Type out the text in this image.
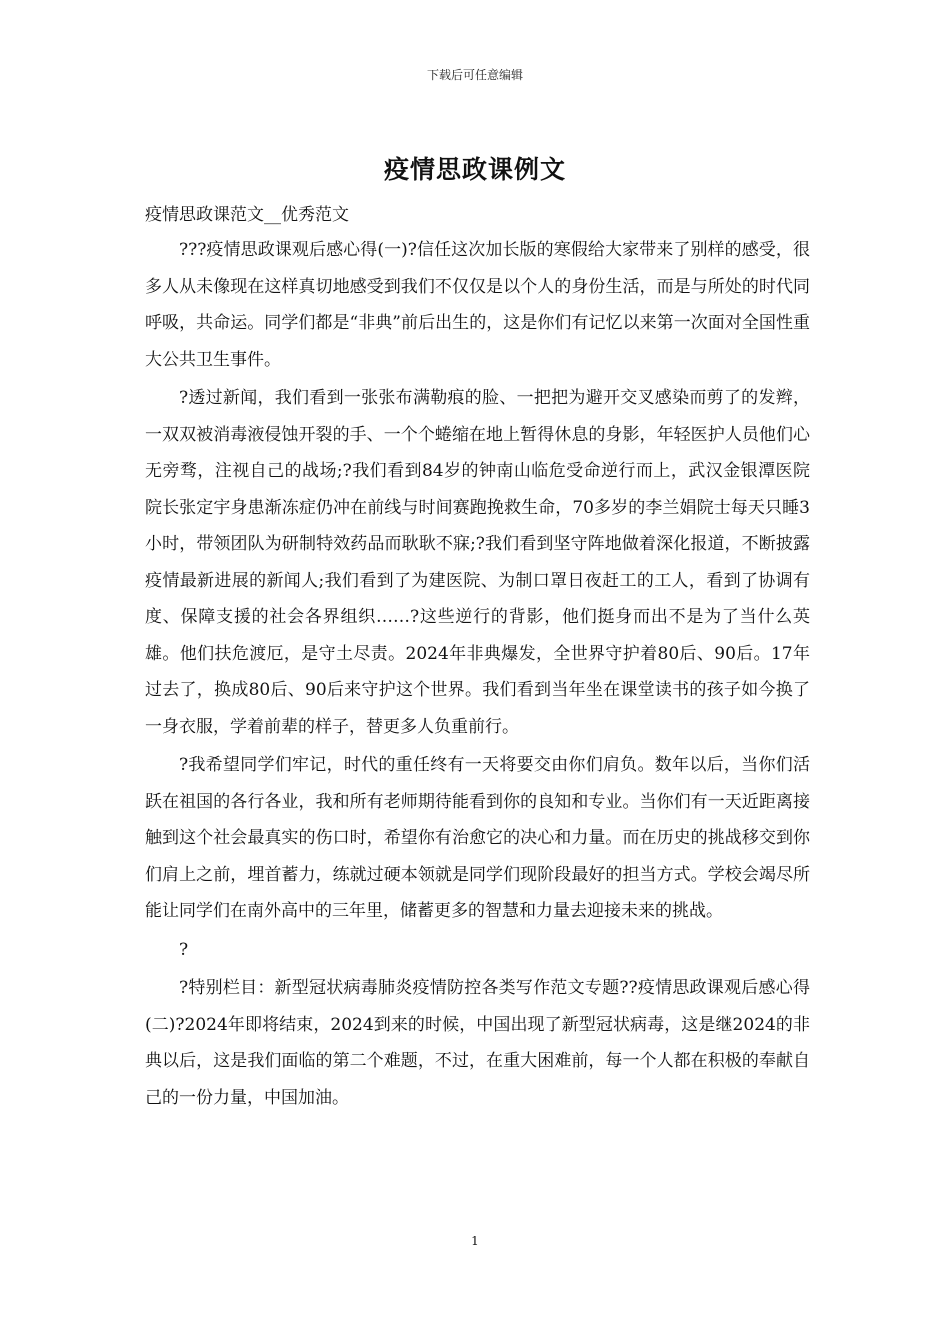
下载后可任意编辑
疫情思政课例文
疫情思政课范文__优秀范文

???疫情思政课观后感心得(一)?信任这次加长版的寒假给大家带来了别样的感受，很多人从未像现在这样真切地感受到我们不仅仅是以个人的身份生活，而是与所处的时代同呼吸，共命运。同学们都是“非典”前后出生的，这是你们有记忆以来第一次面对全国性重大公共卫生事件。

?透过新闻，我们看到一张张布满勒痕的脸、一把把为避开交叉感染而剪了的发辫，一双双被消毒液侵蚀开裂的手、一个个蜷缩在地上暂得休息的身影，年轻医护人员他们心无旁骛，注视自己的战场;?我们看到84岁的钟南山临危受命逆行而上，武汉金银潭医院院长张定宇身患渐冻症仍冲在前线与时间赛跑挽救生命，70多岁的李兰娟院士每天只睡3小时，带领团队为研制特效药品而耿耿不寐;?我们看到坚守阵地做着深化报道，不断披露疫情最新进展的新闻人;我们看到了为建医院、为制口罩日夜赶工的工人，看到了协调有度、保障支援的社会各界组织……?这些逆行的背影，他们挺身而出不是为了当什么英雄。他们扶危渡厄，是守土尽责。2024年非典爆发，全世界守护着80后、90后。17年过去了，换成80后、90后来守护这个世界。我们看到当年坐在课堂读书的孩子如今换了一身衣服，学着前辈的样子，替更多人负重前行。

?我希望同学们牢记，时代的重任终有一天将要交由你们肩负。数年以后，当你们活跃在祖国的各行各业，我和所有老师期待能看到你的良知和专业。当你们有一天近距离接触到这个社会最真实的伤口时，希望你有治愈它的决心和力量。而在历史的挑战移交到你们肩上之前，埋首蓄力，练就过硬本领就是同学们现阶段最好的担当方式。学校会竭尽所能让同学们在南外高中的三年里，储蓄更多的智慧和力量去迎接未来的挑战。

?

?特别栏目：新型冠状病毒肺炎疫情防控各类写作范文专题??疫情思政课观后感心得(二)?2024年即将结束，2024到来的时候，中国出现了新型冠状病毒，这是继2024的非典以后，这是我们面临的第二个难题，不过，在重大困难前，每一个人都在积极的奉献自己的一份力量，中国加油。

1
